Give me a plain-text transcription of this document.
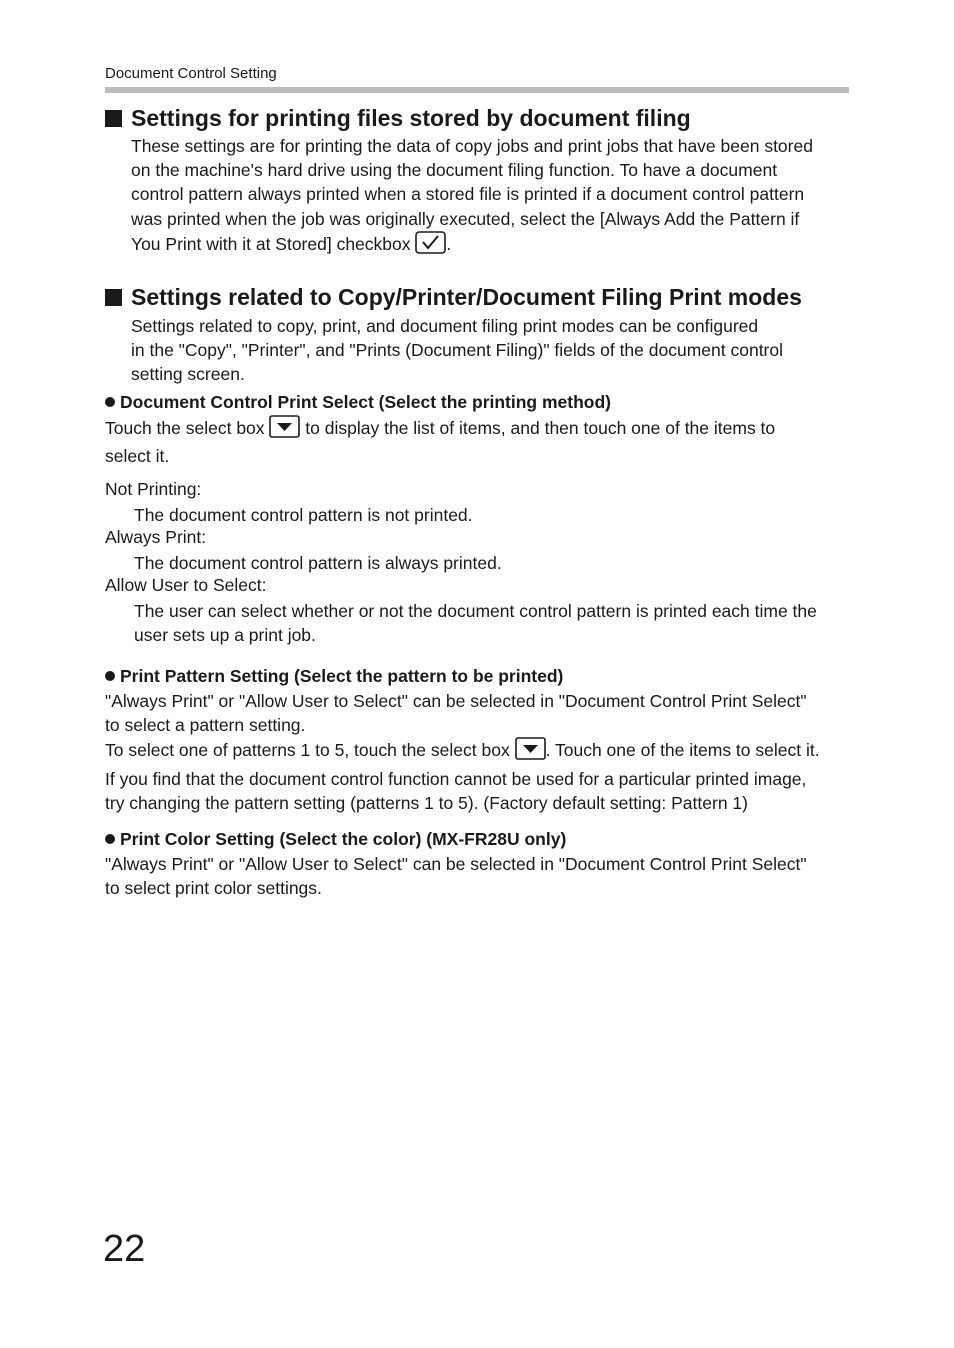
Document Control Setting
Settings for printing files stored by document filing
These settings are for printing the data of copy jobs and print jobs that have been stored
on the machine's hard drive using the document filing function. To have a document
control pattern always printed when a stored file is printed if a document control pattern
was printed when the job was originally executed, select the [Always Add the Pattern if
You Print with it at Stored] checkbox .
Settings related to Copy/Printer/Document Filing Print modes
Settings related to copy, print, and document filing print modes can be configured
in the "Copy", "Printer", and "Prints (Document Filing)" fields of the document control
setting screen.
Document Control Print Select (Select the printing method)
Touch the select box to display the list of items, and then touch one of the items to
select it.
Not Printing:
The document control pattern is not printed.
Always Print:
The document control pattern is always printed.
Allow User to Select:
The user can select whether or not the document control pattern is printed each time the
user sets up a print job.
Print Pattern Setting (Select the pattern to be printed)
"Always Print" or "Allow User to Select" can be selected in "Document Control Print Select"
to select a pattern setting.
To select one of patterns 1 to 5, touch the select box . Touch one of the items to select it.
If you find that the document control function cannot be used for a particular printed image,
try changing the pattern setting (patterns 1 to 5). (Factory default setting: Pattern 1)
Print Color Setting (Select the color) (MX-FR28U only)
"Always Print" or "Allow User to Select" can be selected in "Document Control Print Select"
to select print color settings.
22
